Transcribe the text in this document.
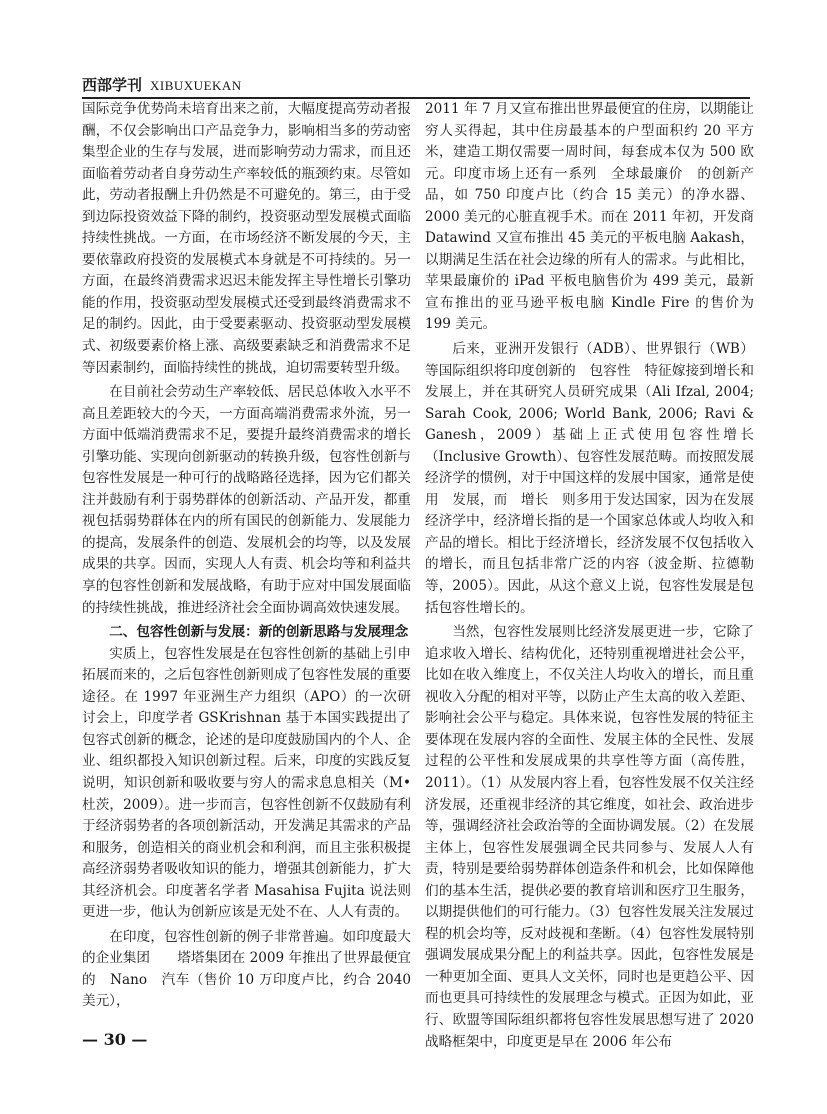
西部学刊 XIBUXUEKAN

国际竞争优势尚未培育出来之前，大幅度提高劳动者报酬，不仅会影响出口产品竞争力，影响相当多的劳动密集型企业的生存与发展，进而影响劳动力需求，而且还面临着劳动者自身劳动生产率较低的瓶颈约束。尽管如此，劳动者报酬上升仍然是不可避免的。第三，由于受到边际投资效益下降的制约，投资驱动型发展模式面临持续性挑战。一方面，在市场经济不断发展的今天，主要依靠政府投资的发展模式本身就是不可持续的。另一方面，在最终消费需求迟迟未能发挥主导性增长引擎功能的作用，投资驱动型发展模式还受到最终消费需求不足的制约。因此，由于受要素驱动、投资驱动型发展模式、初级要素价格上涨、高级要素缺乏和消费需求不足等因素制约，面临持续性的挑战，迫切需要转型升级。

在目前社会劳动生产率较低、居民总体收入水平不高且差距较大的今天，一方面高端消费需求外流，另一方面中低端消费需求不足，要提升最终消费需求的增长引擎功能、实现向创新驱动的转换升级，包容性创新与包容性发展是一种可行的战略路径选择，因为它们都关注并鼓励有利于弱势群体的创新活动、产品开发，都重视包括弱势群体在内的所有国民的创新能力、发展能力的提高，发展条件的创造、发展机会的均等，以及发展成果的共享。因而，实现人人有责、机会均等和利益共享的包容性创新和发展战略，有助于应对中国发展面临的持续性挑战，推进经济社会全面协调高效快速发展。

二、包容性创新与发展：新的创新思路与发展理念

实质上，包容性发展是在包容性创新的基础上引申拓展而来的，之后包容性创新则成了包容性发展的重要途径。在 1997 年亚洲生产力组织（APO）的一次研讨会上，印度学者 GSKrishnan 基于本国实践提出了包容式创新的概念，论述的是印度鼓励国内的个人、企业、组织都投入知识创新过程。后来，印度的实践反复说明，知识创新和吸收要与穷人的需求息息相关（M• 杜茨，2009）。进一步而言，包容性创新不仅鼓励有利于经济弱势者的各项创新活动，开发满足其需求的产品和服务，创造相关的商业机会和利润，而且主张积极提高经济弱势者吸收知识的能力，增强其创新能力，扩大其经济机会。印度著名学者 Masahisa Fujita 说法则更进一步，他认为创新应该是无处不在、人人有责的。

在印度，包容性创新的例子非常普遍。如印度最大的企业集团　　塔塔集团在 2009 年推出了世界最便宜的　Nano　汽车（售价 10 万印度卢比，约合 2040 美元），

2011 年 7 月又宣布推出世界最便宜的住房，以期能让穷人买得起，其中住房最基本的户型面积约 20 平方米，建造工期仅需要一周时间，每套成本仅为 500 欧元。印度市场上还有一系列　全球最廉价　的创新产品，如 750 印度卢比（约合 15 美元）的净水器、2000 美元的心脏直视手术。而在 2011 年初，开发商 Datawind 又宣布推出 45 美元的平板电脑 Aakash，以期满足生活在社会边缘的所有人的需求。与此相比，苹果最廉价的 iPad 平板电脑售价为 499 美元，最新宣布推出的亚马逊平板电脑 Kindle Fire 的售价为 199 美元。

后来，亚洲开发银行（ADB）、世界银行（WB）等国际组织将印度创新的　包容性　特征嫁接到增长和发展上，并在其研究人员研究成果（Ali Ifzal, 2004; Sarah Cook, 2006; World Bank, 2006; Ravi & Ganesh，2009）基础上正式使用包容性增长（Inclusive Growth）、包容性发展范畴。而按照发展经济学的惯例，对于中国这样的发展中国家，通常是使用　发展，而　增长　则多用于发达国家，因为在发展经济学中，经济增长指的是一个国家总体或人均收入和产品的增长。相比于经济增长，经济发展不仅包括收入的增长，而且包括非常广泛的内容（波金斯、拉德勒等，2005）。因此，从这个意义上说，包容性发展是包括包容性增长的。

当然，包容性发展则比经济发展更进一步，它除了追求收入增长、结构优化，还特别重视增进社会公平，比如在收入维度上，不仅关注人均收入的增长，而且重视收入分配的相对平等，以防止产生太高的收入差距、影响社会公平与稳定。具体来说，包容性发展的特征主要体现在发展内容的全面性、发展主体的全民性、发展过程的公平性和发展成果的共享性等方面（高传胜，2011）。（1）从发展内容上看，包容性发展不仅关注经济发展，还重视非经济的其它维度，如社会、政治进步等，强调经济社会政治等的全面协调发展。（2）在发展主体上，包容性发展强调全民共同参与、发展人人有责，特别是要给弱势群体创造条件和机会，比如保障他们的基本生活，提供必要的教育培训和医疗卫生服务，以期提供他们的可行能力。（3）包容性发展关注发展过程的机会均等，反对歧视和垄断。（4）包容性发展特别强调发展成果分配上的利益共享。因此，包容性发展是一种更加全面、更具人文关怀，同时也是更趋公平、因而也更具可持续性的发展理念与模式。正因为如此，亚行、欧盟等国际组织都将包容性发展思想写进了 2020 战略框架中，印度更是早在 2006 年公布

— 30 —
